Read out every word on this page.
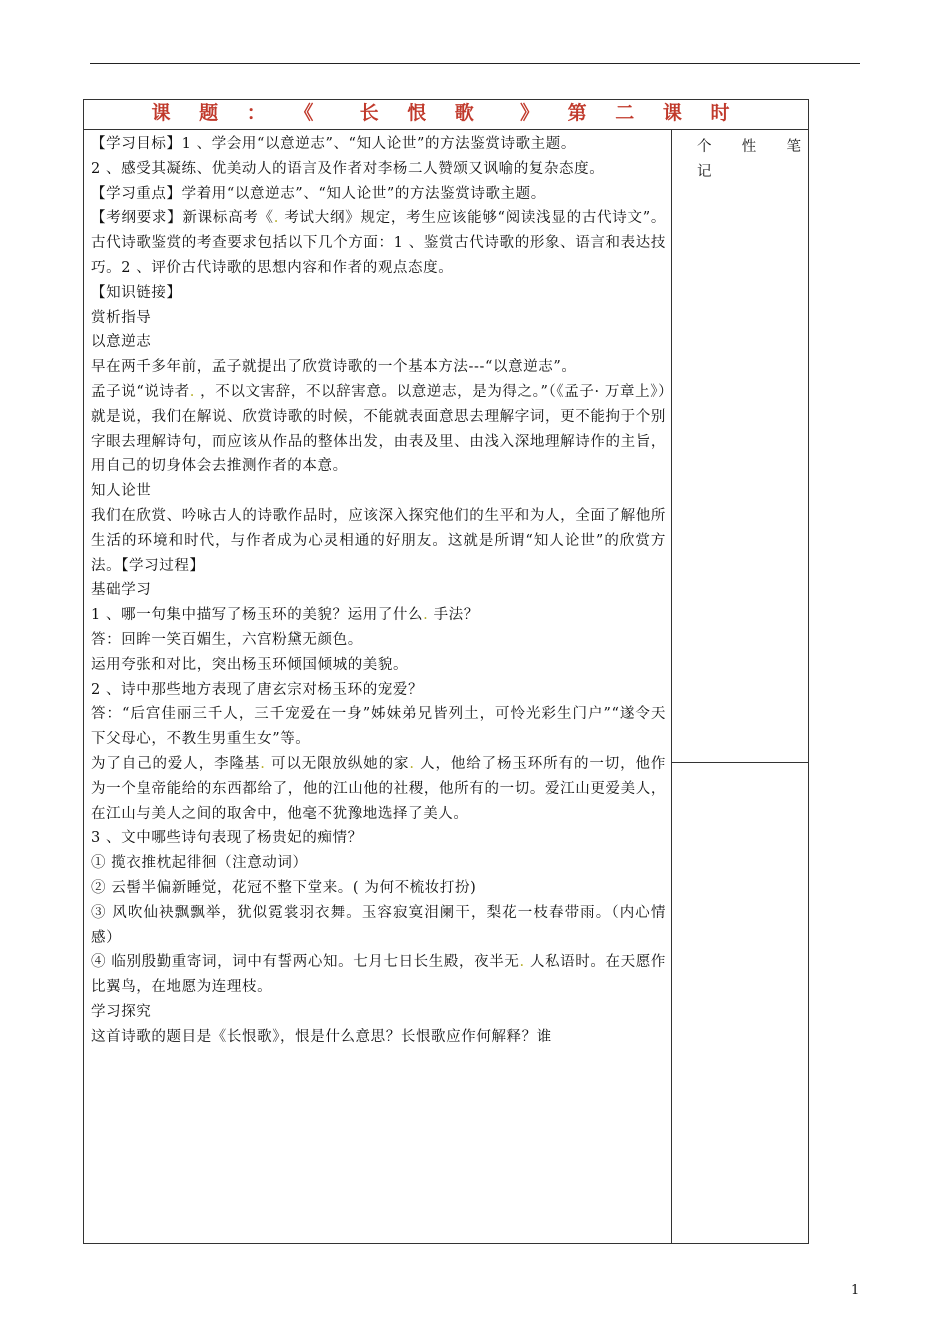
课 题 ： 《  长 恨 歌  》 第 二 课 时

【学习目标】1 、学会用“以意逆志”、“知人论世”的方法鉴赏诗歌主题。

2 、感受其凝练、优美动人的语言及作者对李杨二人赞颂又讽喻的复杂态度。

【学习重点】学着用“以意逆志”、“知人论世”的方法鉴赏诗歌主题。

【考纲要求】新课标高考《. 考试大纲》规定，考生应该能够“阅读浅显的古代诗文”。古代诗歌鉴赏的考查要求包括以下几个方面：1 、鉴赏古代诗歌的形象、语言和表达技巧。2 、评价古代诗歌的思想内容和作者的观点态度。

【知识链接】

赏析指导

以意逆志

早在两千多年前，孟子就提出了欣赏诗歌的一个基本方法---“以意逆志”。

孟子说“说诗者. ，不以文害辞，不以辞害意。以意逆志，是为得之。”（《孟子· 万章上》）就是说，我们在解说、欣赏诗歌的时候，不能就表面意思去理解字词，更不能拘于个别字眼去理解诗句，而应该从作品的整体出发，由表及里、由浅入深地理解诗作的主旨，用自己的切身体会去推测作者的本意。

知人论世

我们在欣赏、吟咏古人的诗歌作品时，应该深入探究他们的生平和为人，全面了解他所生活的环境和时代，与作者成为心灵相通的好朋友。这就是所谓“知人论世”的欣赏方法。【学习过程】

基础学习

1 、哪一句集中描写了杨玉环的美貌？运用了什么. 手法？

答：回眸一笑百媚生，六宫粉黛无颜色。

运用夸张和对比，突出杨玉环倾国倾城的美貌。

2 、诗中那些地方表现了唐玄宗对杨玉环的宠爱？

答：“后宫佳丽三千人，三千宠爱在一身”姊妹弟兄皆列土，可怜光彩生门户”“遂令天下父母心，不教生男重生女”等。

为了自己的爱人，李隆基. 可以无限放纵她的家. 人，他给了杨玉环所有的一切，他作为一个皇帝能给的东西都给了，他的江山他的社稷，他所有的一切。爱江山更爱美人，在江山与美人之间的取舍中，他毫不犹豫地选择了美人。

3 、文中哪些诗句表现了杨贵妃的痴情？

① 揽衣推枕起徘徊（注意动词）

② 云髻半偏新睡觉，花冠不整下堂来。( 为何不梳妆打扮)

③ 风吹仙袂飘飘举，犹似霓裳羽衣舞。玉容寂寞泪阑干，梨花一枝春带雨。（内心情感）

④ 临别殷勤重寄词，词中有誓两心知。七月七日长生殿，夜半无. 人私语时。在天愿作比翼鸟，在地愿为连理枝。

学习探究

这首诗歌的题目是《长恨歌》，恨是什么意思？长恨歌应作何解释？谁

个 性 笔
记
1
